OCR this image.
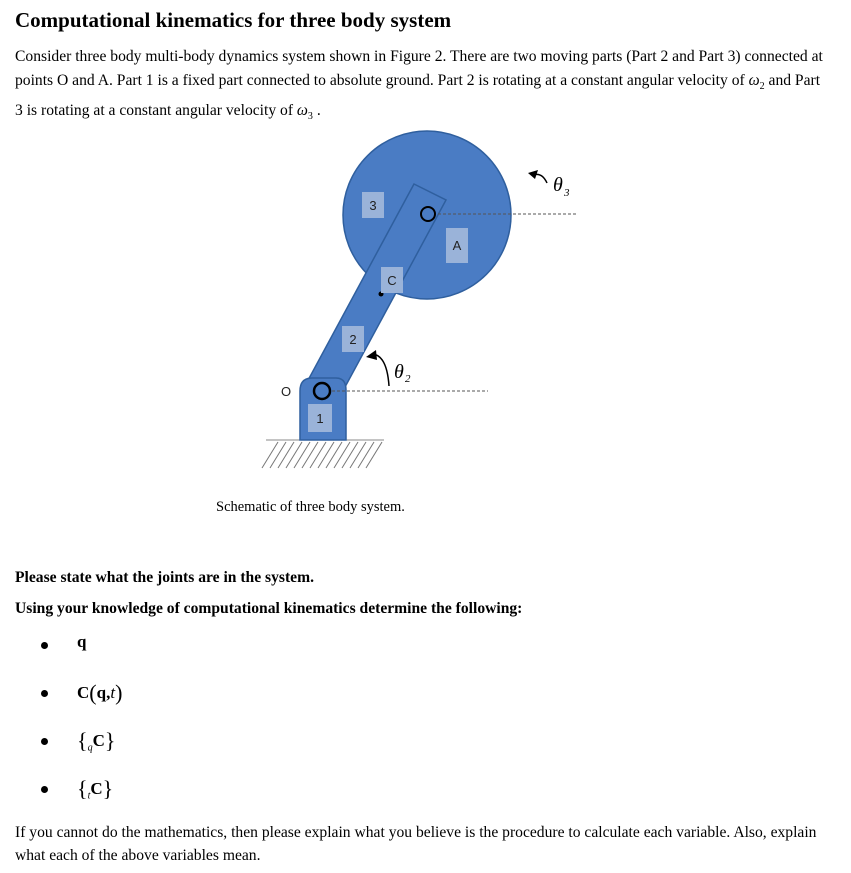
Computational kinematics for three body system
Consider three body multi-body dynamics system shown in Figure 2. There are two moving parts (Part 2 and Part 3) connected at points O and A. Part 1 is a fixed part connected to absolute ground. Part 2 is rotating at a constant angular velocity of $\omega_2$ and Part 3 is rotating at a constant angular velocity of $\omega_3$ .
3
A
C
2
1
O
θ 3
θ 2
Schematic of three body system.
Please state what the joints are in the system.
Using your knowledge of computational kinematics determine the following:
q
C(q,t)
$\{_qC\}$
$\{_tC\}$
If you cannot do the mathematics, then please explain what you believe is the procedure to calculate each variable. Also, explain what each of the above variables mean.
